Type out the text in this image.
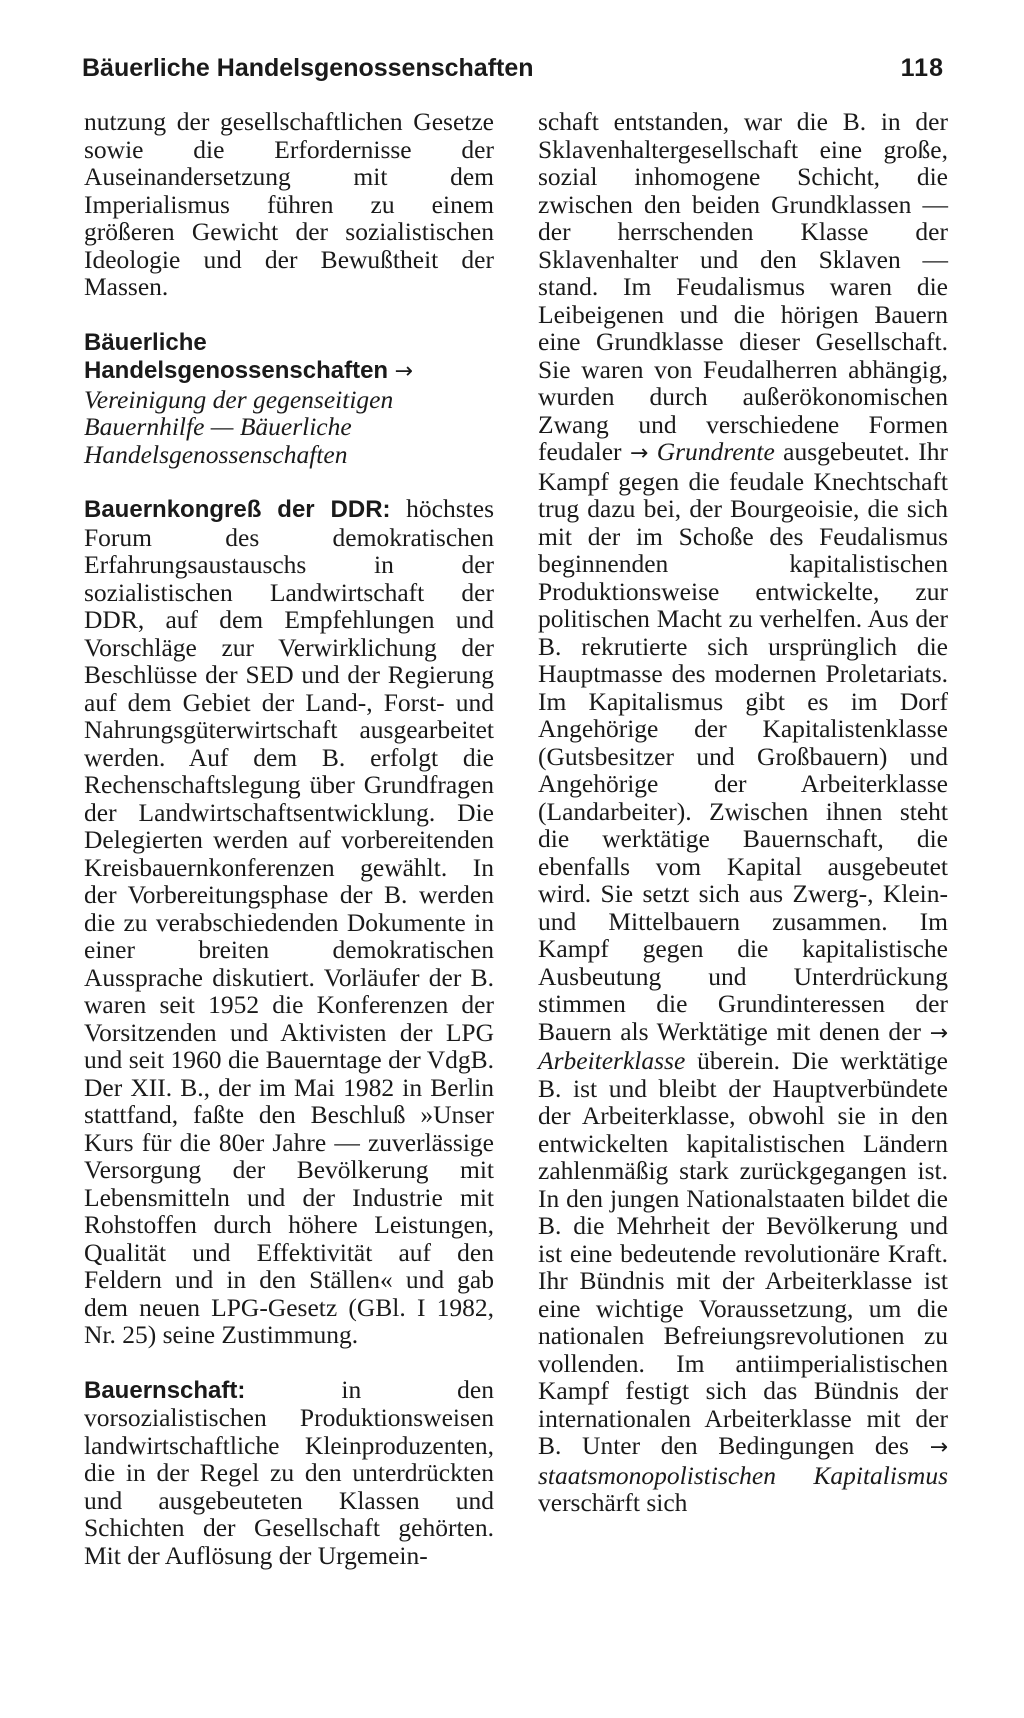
Bäuerliche Handelsgenossenschaften	118

nutzung der gesellschaftlichen Gesetze sowie die Erfordernisse der Auseinandersetzung mit dem Imperialismus führen zu einem größeren Gewicht der sozialistischen Ideologie und der Bewußtheit der Massen.

Bäuerliche Handelsgenossenschaften → Vereinigung der gegenseitigen Bauernhilfe — Bäuerliche Handelsgenossenschaften

Bauernkongreß der DDR: höchstes Forum des demokratischen Erfahrungsaustauschs in der sozialistischen Landwirtschaft der DDR, auf dem Empfehlungen und Vorschläge zur Verwirklichung der Beschlüsse der SED und der Regierung auf dem Gebiet der Land-, Forst- und Nahrungsgüterwirtschaft ausgearbeitet werden. Auf dem B. erfolgt die Rechenschaftslegung über Grundfragen der Landwirtschaftsentwicklung. Die Delegierten werden auf vorbereitenden Kreisbauernkonferenzen gewählt. In der Vorbereitungsphase der B. werden die zu verabschiedenden Dokumente in einer breiten demokratischen Aussprache diskutiert. Vorläufer der B. waren seit 1952 die Konferenzen der Vorsitzenden und Aktivisten der LPG und seit 1960 die Bauerntage der VdgB. Der XII. B., der im Mai 1982 in Berlin stattfand, faßte den Beschluß »Unser Kurs für die 80er Jahre — zuverlässige Versorgung der Bevölkerung mit Lebensmitteln und der Industrie mit Rohstoffen durch höhere Leistungen, Qualität und Effektivität auf den Feldern und in den Ställen« und gab dem neuen LPG-Gesetz (GBl. I 1982, Nr. 25) seine Zustimmung.

Bauernschaft:	in den vorsozialistischen Produktionsweisen landwirtschaftliche Kleinproduzenten, die in der Regel zu den unterdrückten und ausgebeuteten Klassen und Schichten der Gesellschaft gehörten. Mit der Auflösung der Urgemein-

schaft entstanden, war die B. in der Sklavenhaltergesellschaft eine große, sozial inhomogene Schicht, die zwischen den beiden Grundklassen — der herrschenden Klasse der Sklavenhalter und den Sklaven — stand. Im Feudalismus waren die Leibeigenen und die hörigen Bauern eine Grundklasse dieser Gesellschaft. Sie waren von Feudalherren abhängig, wurden durch außerökonomischen Zwang und verschiedene Formen feudaler → Grundrente ausgebeutet. Ihr Kampf gegen die feudale Knechtschaft trug dazu bei, der Bourgeoisie, die sich mit der im Schoße des Feudalismus beginnenden kapitalistischen Produktionsweise entwickelte, zur politischen Macht zu verhelfen. Aus der B. rekrutierte sich ursprünglich die Hauptmasse des modernen Proletariats. Im Kapitalismus gibt es im Dorf Angehörige der Kapitalistenklasse (Gutsbesitzer und Großbauern) und Angehörige der Arbeiterklasse (Landarbeiter). Zwischen ihnen steht die werktätige Bauernschaft, die ebenfalls vom Kapital ausgebeutet wird. Sie setzt sich aus Zwerg-, Klein- und Mittelbauern zusammen. Im Kampf gegen die kapitalistische Ausbeutung und Unterdrückung stimmen die Grundinteressen der Bauern als Werktätige mit denen der → Arbeiterklasse überein. Die werktätige B. ist und bleibt der Hauptverbündete der Arbeiterklasse, obwohl sie in den entwickelten kapitalistischen Ländern zahlenmäßig stark zurückgegangen ist. In den jungen Nationalstaaten bildet die B. die Mehrheit der Bevölkerung und ist eine bedeutende revolutionäre Kraft. Ihr Bündnis mit der Arbeiterklasse ist eine wichtige Voraussetzung, um die nationalen Befreiungsrevolutionen zu vollenden. Im antiimperialistischen Kampf festigt sich das Bündnis der internationalen Arbeiterklasse mit der B. Unter den Bedingungen des → staatsmonopolistischen Kapitalismus verschärft sich
